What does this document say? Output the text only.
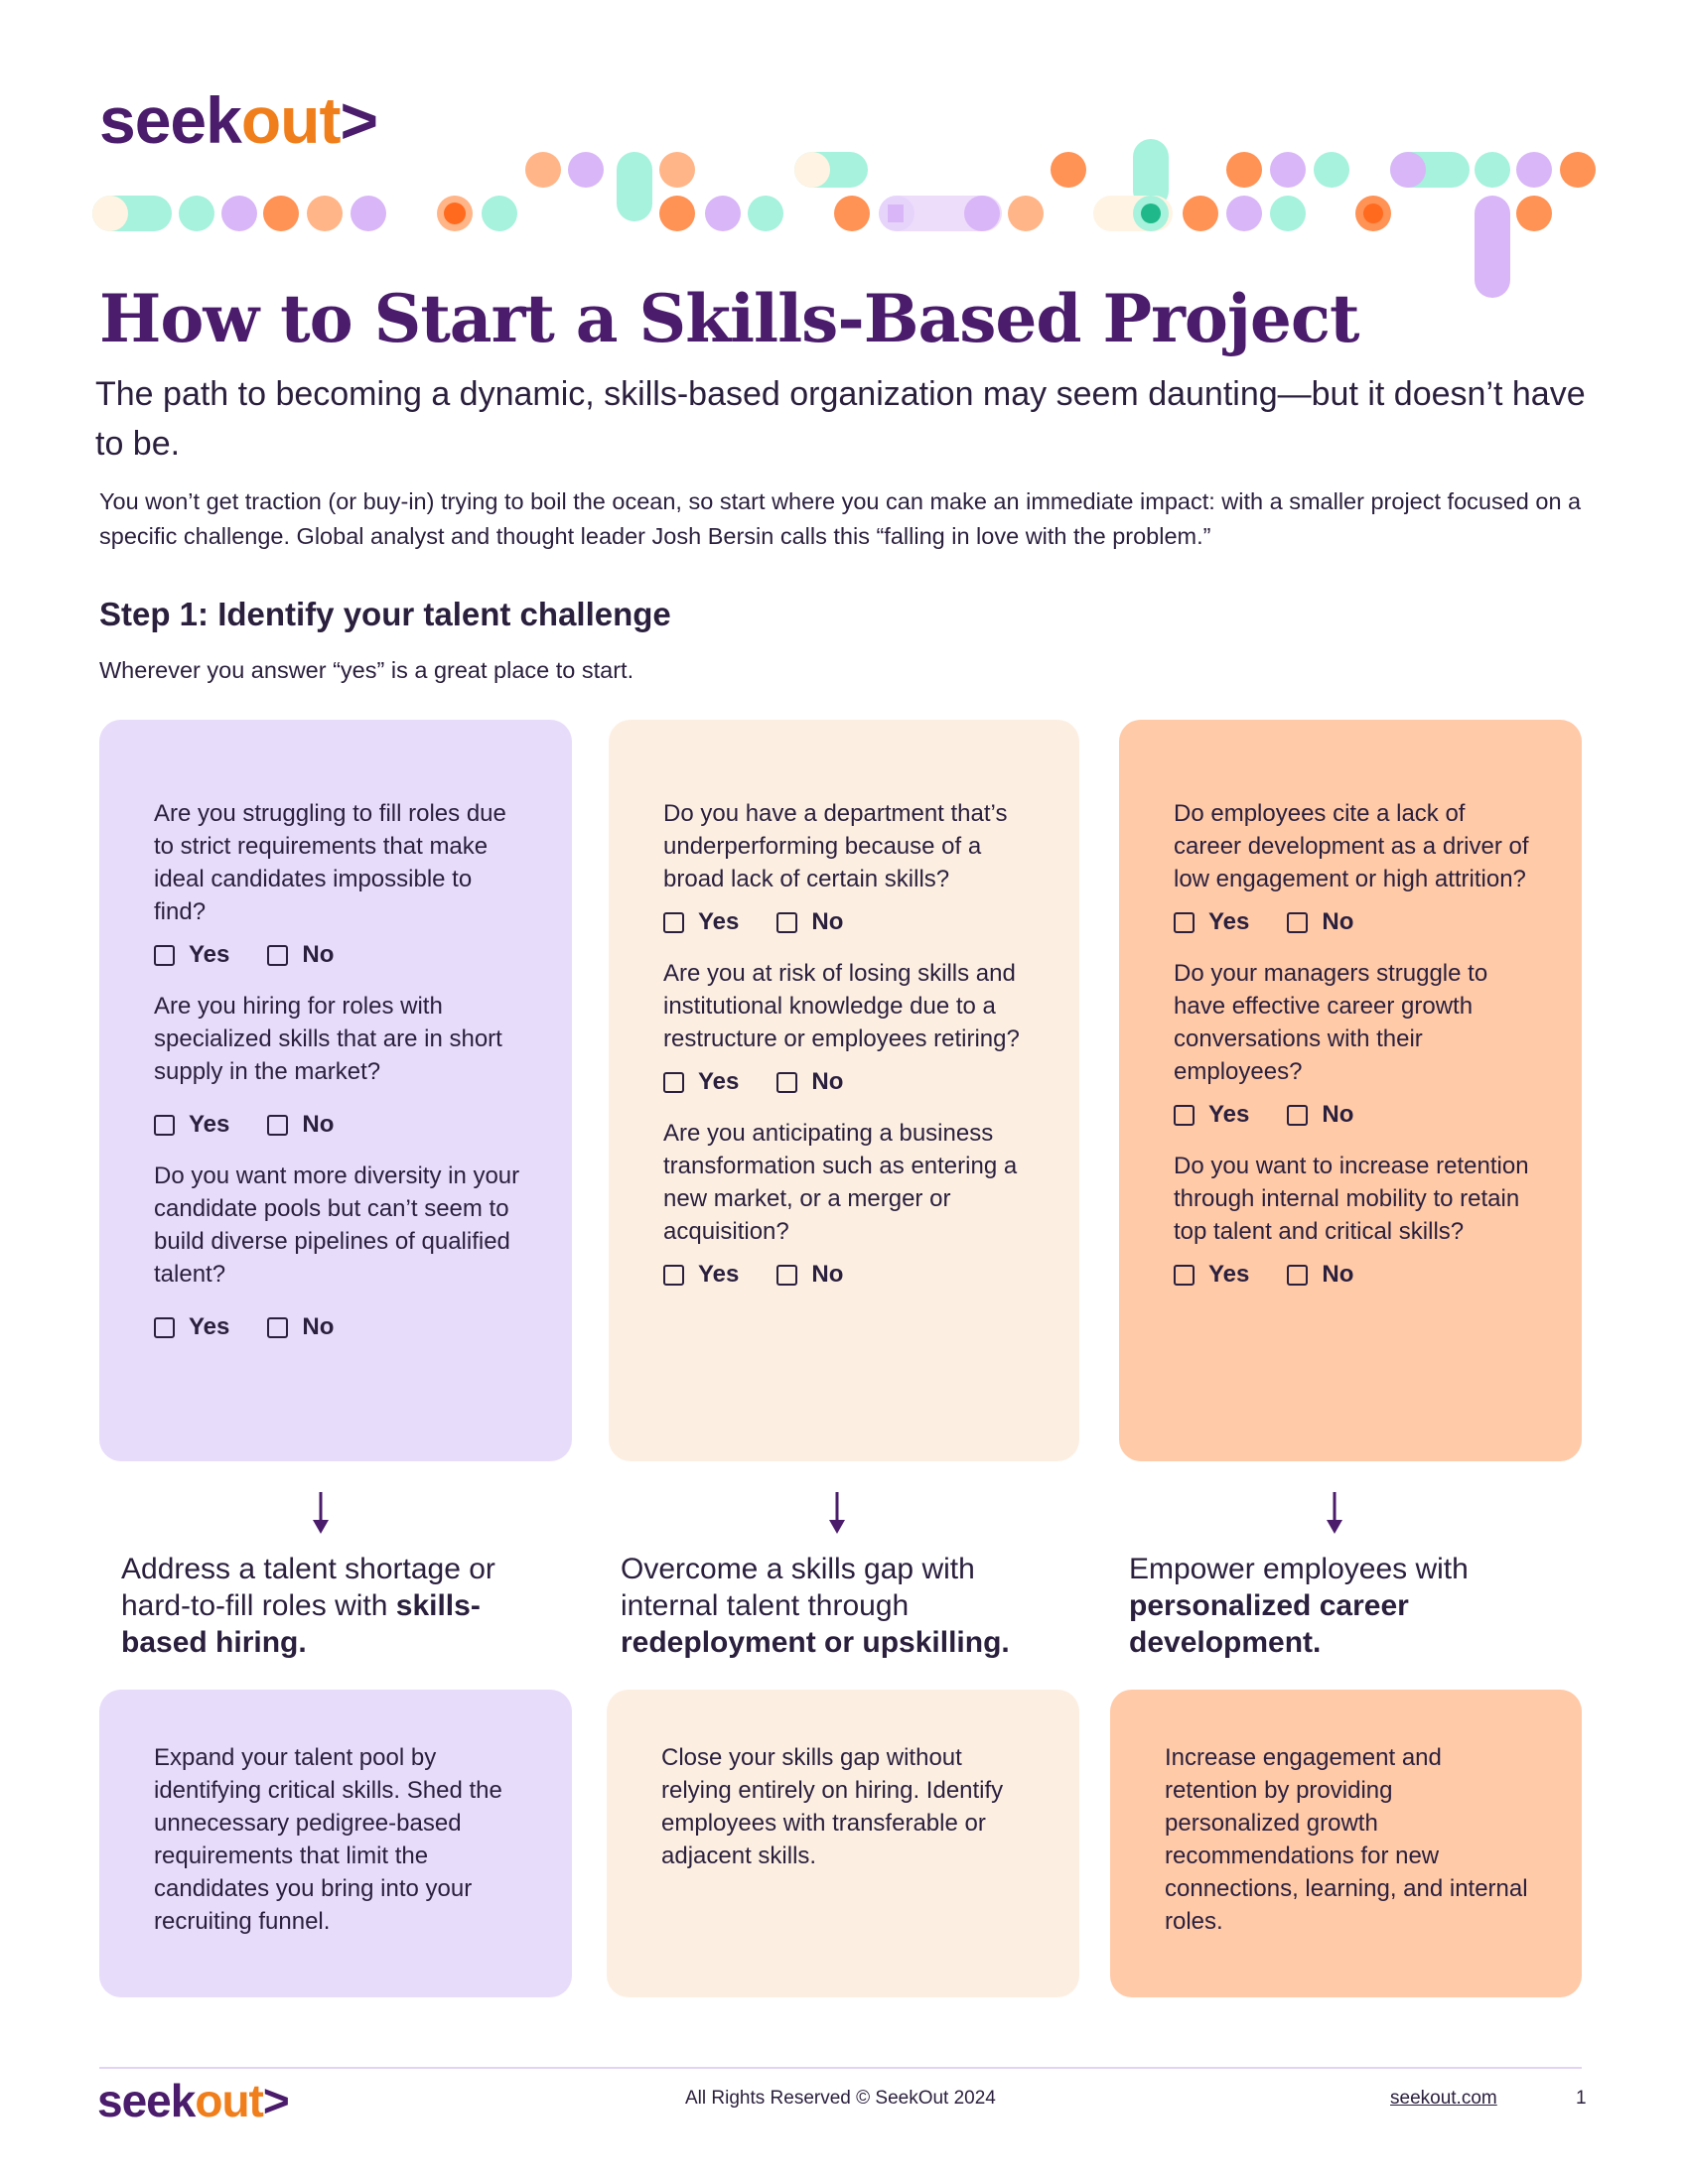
seekout>
How to Start a Skills-Based Project

The path to becoming a dynamic, skills-based organization may seem daunting—but it doesn’t have to be.

You won’t get traction (or buy-in) trying to boil the ocean, so start where you can make an immediate impact: with a smaller project focused on a specific challenge. Global analyst and thought leader Josh Bersin calls this “falling in love with the problem.”

Step 1: Identify your talent challenge

Wherever you answer “yes” is a great place to start.

Are you struggling to fill roles due to strict requirements that make ideal candidates impossible to find?

Yes	No

Are you hiring for roles with specialized skills that are in short supply in the market?

Yes	No

Do you want more diversity in your candidate pools but can’t seem to build diverse pipelines of qualified talent?

Yes	No

Do you have a department that’s underperforming because of a broad lack of certain skills?

Yes	No

Are you at risk of losing skills and institutional knowledge due to a restructure or employees retiring?

Yes	No

Are you anticipating a business transformation such as entering a new market, or a merger or acquisition?

Yes	No

Do employees cite a lack of career development as a driver of low engagement or high attrition?

Yes	No

Do your managers struggle to have effective career growth conversations with their employees?

Yes	No

Do you want to increase retention through internal mobility to retain top talent and critical skills?

Yes	No

Address a talent shortage or hard-to-fill roles with skills-based hiring.

Overcome a skills gap with internal talent through redeployment or upskilling.

Empower employees with
personalized career development.

Expand your talent pool by identifying critical skills. Shed the unnecessary pedigree-based requirements that limit the candidates you bring into your recruiting funnel.

Close your skills gap without relying entirely on hiring. Identify employees with transferable or adjacent skills.

Increase engagement and retention by providing personalized growth recommendations for new connections, learning, and internal roles.

seekout>	All Rights Reserved © SeekOut 2024	seekout.com	1
